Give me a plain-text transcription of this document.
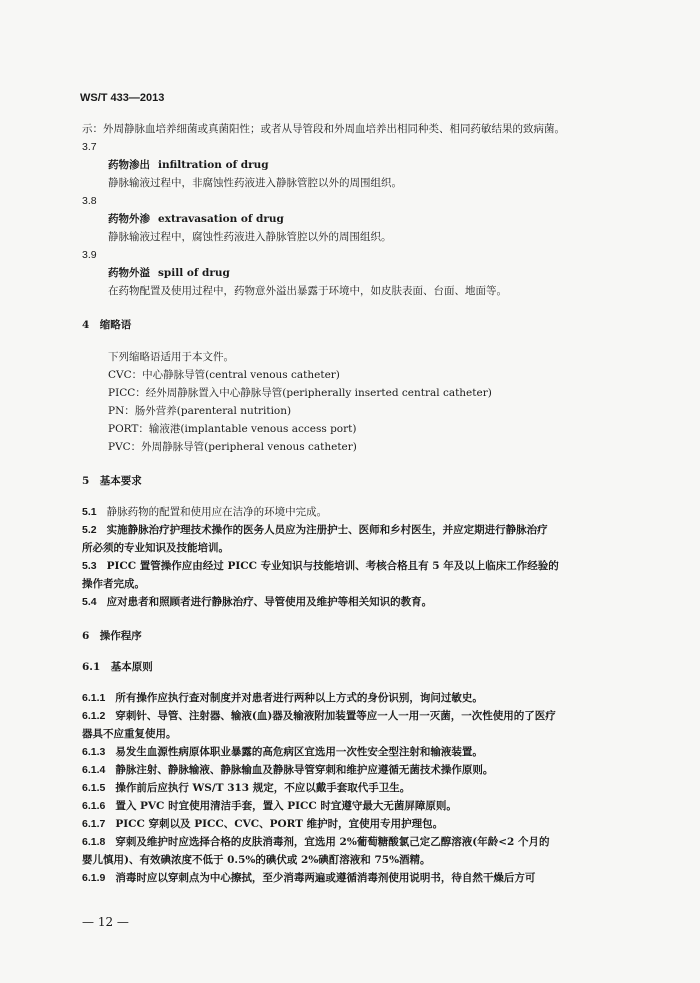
WS/T 433—2013
示：外周静脉血培养细菌或真菌阳性；或者从导管段和外周血培养出相同种类、相同药敏结果的致病菌。
3.7
药物渗出 infiltration of drug
静脉输液过程中，非腐蚀性药液进入静脉管腔以外的周围组织。
3.8
药物外渗 extravasation of drug
静脉输液过程中，腐蚀性药液进入静脉管腔以外的周围组织。
3.9
药物外溢 spill of drug
在药物配置及使用过程中，药物意外溢出暴露于环境中，如皮肤表面、台面、地面等。
4　缩略语
下列缩略语适用于本文件。
CVC：中心静脉导管(central venous catheter)
PICC：经外周静脉置入中心静脉导管(peripherally inserted central catheter)
PN：肠外营养(parenteral nutrition)
PORT：输液港(implantable venous access port)
PVC：外周静脉导管(peripheral venous catheter)
5　基本要求
5.1 静脉药物的配置和使用应在洁净的环境中完成。
5.2 实施静脉治疗护理技术操作的医务人员应为注册护士、医师和乡村医生，并应定期进行静脉治疗
所必须的专业知识及技能培训。
5.3 PICC 置管操作应由经过 PICC 专业知识与技能培训、考核合格且有 5 年及以上临床工作经验的
操作者完成。
5.4 应对患者和照顾者进行静脉治疗、导管使用及维护等相关知识的教育。
6　操作程序
6.1　基本原则
6.1.1 所有操作应执行查对制度并对患者进行两种以上方式的身份识别，询问过敏史。
6.1.2 穿刺针、导管、注射器、输液(血)器及输液附加装置等应一人一用一灭菌，一次性使用的了医疗
器具不应重复使用。
6.1.3 易发生血源性病原体职业暴露的高危病区宜选用一次性安全型注射和输液装置。
6.1.4 静脉注射、静脉输液、静脉输血及静脉导管穿刺和维护应遵循无菌技术操作原则。
6.1.5 操作前后应执行 WS/T 313 规定，不应以戴手套取代手卫生。
6.1.6 置入 PVC 时宜使用清洁手套，置入 PICC 时宜遵守最大无菌屏障原则。
6.1.7 PICC 穿刺以及 PICC、CVC、PORT 维护时，宜使用专用护理包。
6.1.8 穿刺及维护时应选择合格的皮肤消毒剂，宜选用 2%葡萄糖酸氯己定乙醇溶液(年龄<2 个月的
婴儿慎用)、有效碘浓度不低于 0.5%的碘伏或 2%碘酊溶液和 75%酒精。
6.1.9 消毒时应以穿刺点为中心擦拭，至少消毒两遍或遵循消毒剂使用说明书，待自然干燥后方可
— 12 —
